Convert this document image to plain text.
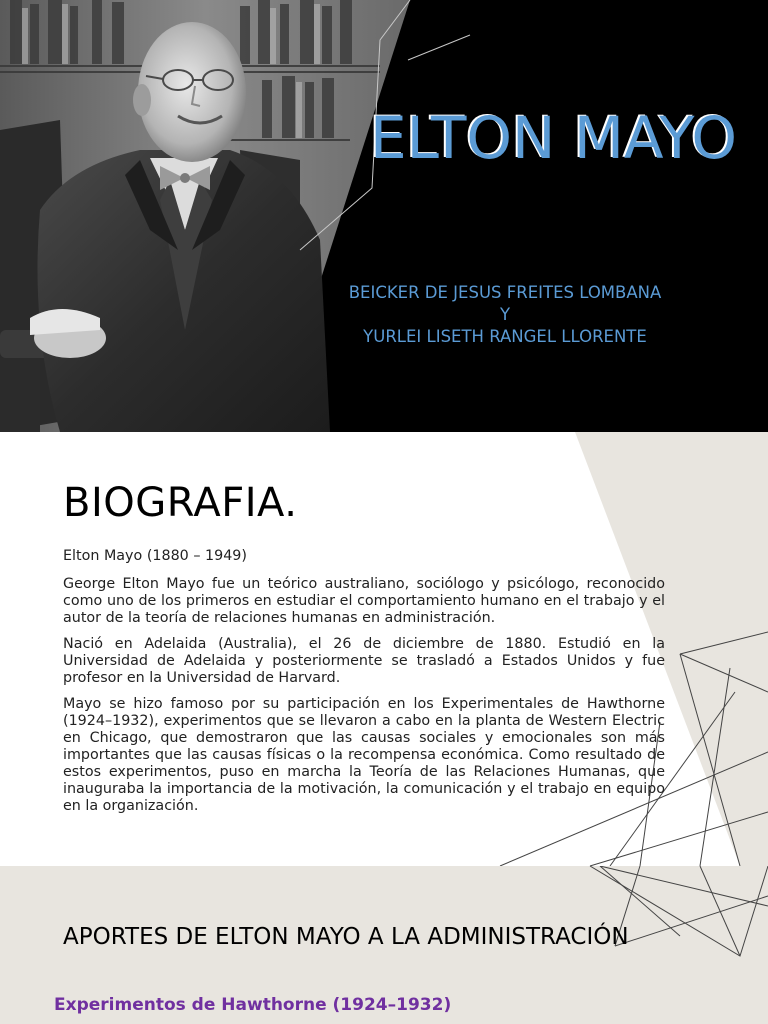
ELTON MAYO
BEICKER DE JESUS FREITES LOMBANA
Y
YURLEI LISETH RANGEL LLORENTE
BIOGRAFIA.

Elton Mayo (1880 – 1949)

George Elton Mayo fue un teórico australiano, sociólogo y psicólogo, reconocido como uno de los primeros en estudiar el comportamiento humano en el trabajo y el autor de la teoría de relaciones humanas en administración.

Nació en Adelaida (Australia), el 26 de diciembre de 1880. Estudió en la Universidad de Adelaida y posteriormente se trasladó a Estados Unidos y fue profesor en la Universidad de Harvard.

Mayo se hizo famoso por su participación en los Experimentales de Hawthorne (1924–1932), experimentos que se llevaron a cabo en la planta de Western Electric en Chicago, que demostraron que las causas sociales y emocionales son más importantes que las causas físicas o la recompensa económica. Como resultado de estos experimentos, puso en marcha la Teoría de las Relaciones Humanas, que inauguraba la importancia de la motivación, la comunicación y el trabajo en equipo en la organización.

APORTES DE ELTON MAYO A LA ADMINISTRACIÓN
Experimentos de Hawthorne (1924–1932)
